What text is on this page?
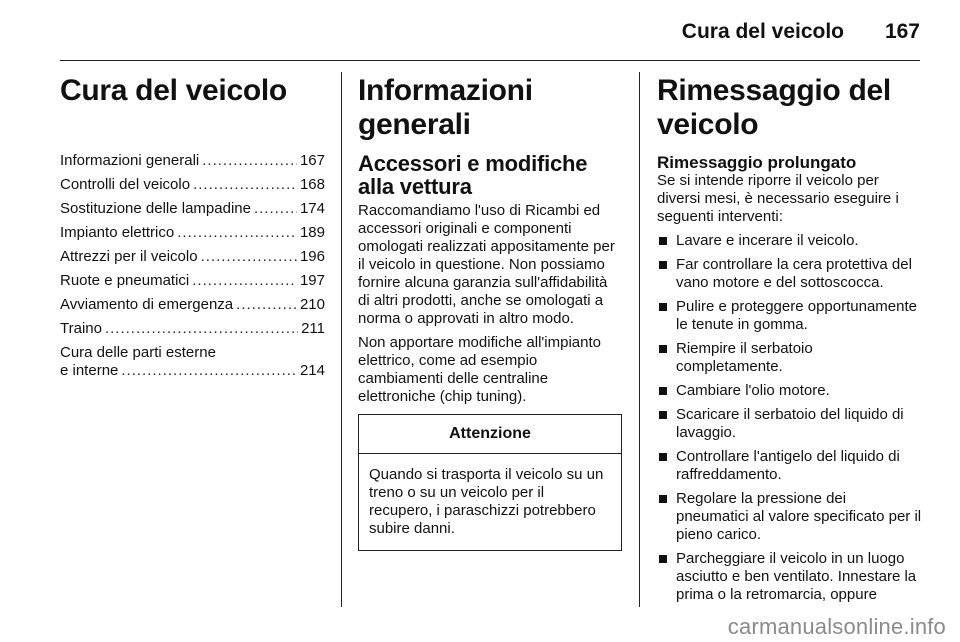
Cura del veicolo 167
Cura del veicolo
Informazioni generali .....	167
Controlli del veicolo .....	168
Sostituzione delle lampadine .....	174
Impianto elettrico .....	189
Attrezzi per il veicolo .....	196
Ruote e pneumatici .....	197
Avviamento di emergenza .....	210
Traino .....	211
Cura delle parti esterne
e interne .....	214
Informazioni generali
Accessori e modifiche alla vettura

Raccomandiamo l'uso di Ricambi ed accessori originali e componenti omologati realizzati appositamente per il veicolo in questione. Non possiamo fornire alcuna garanzia sull'affidabilità di altri prodotti, anche se omologati a norma o approvati in altro modo.

Non apportare modifiche all'impianto elettrico, come ad esempio cambiamenti delle centraline elettroniche (chip tuning).

Attenzione

Quando si trasporta il veicolo su un treno o su un veicolo per il recupero, i paraschizzi potrebbero subire danni.

Rimessaggio del veicolo
Rimessaggio prolungato

Se si intende riporre il veicolo per diversi mesi, è necessario eseguire i seguenti interventi:

Lavare e incerare il veicolo.
Far controllare la cera protettiva del vano motore e del sottoscocca.
Pulire e proteggere opportunamente le tenute in gomma.
Riempire il serbatoio completamente.
Cambiare l'olio motore.
Scaricare il serbatoio del liquido di lavaggio.
Controllare l'antigelo del liquido di raffreddamento.
Regolare la pressione dei pneumatici al valore specificato per il pieno carico.
Parcheggiare il veicolo in un luogo asciutto e ben ventilato. Innestare la prima o la retromarcia, oppure
carmanualsonline.info
